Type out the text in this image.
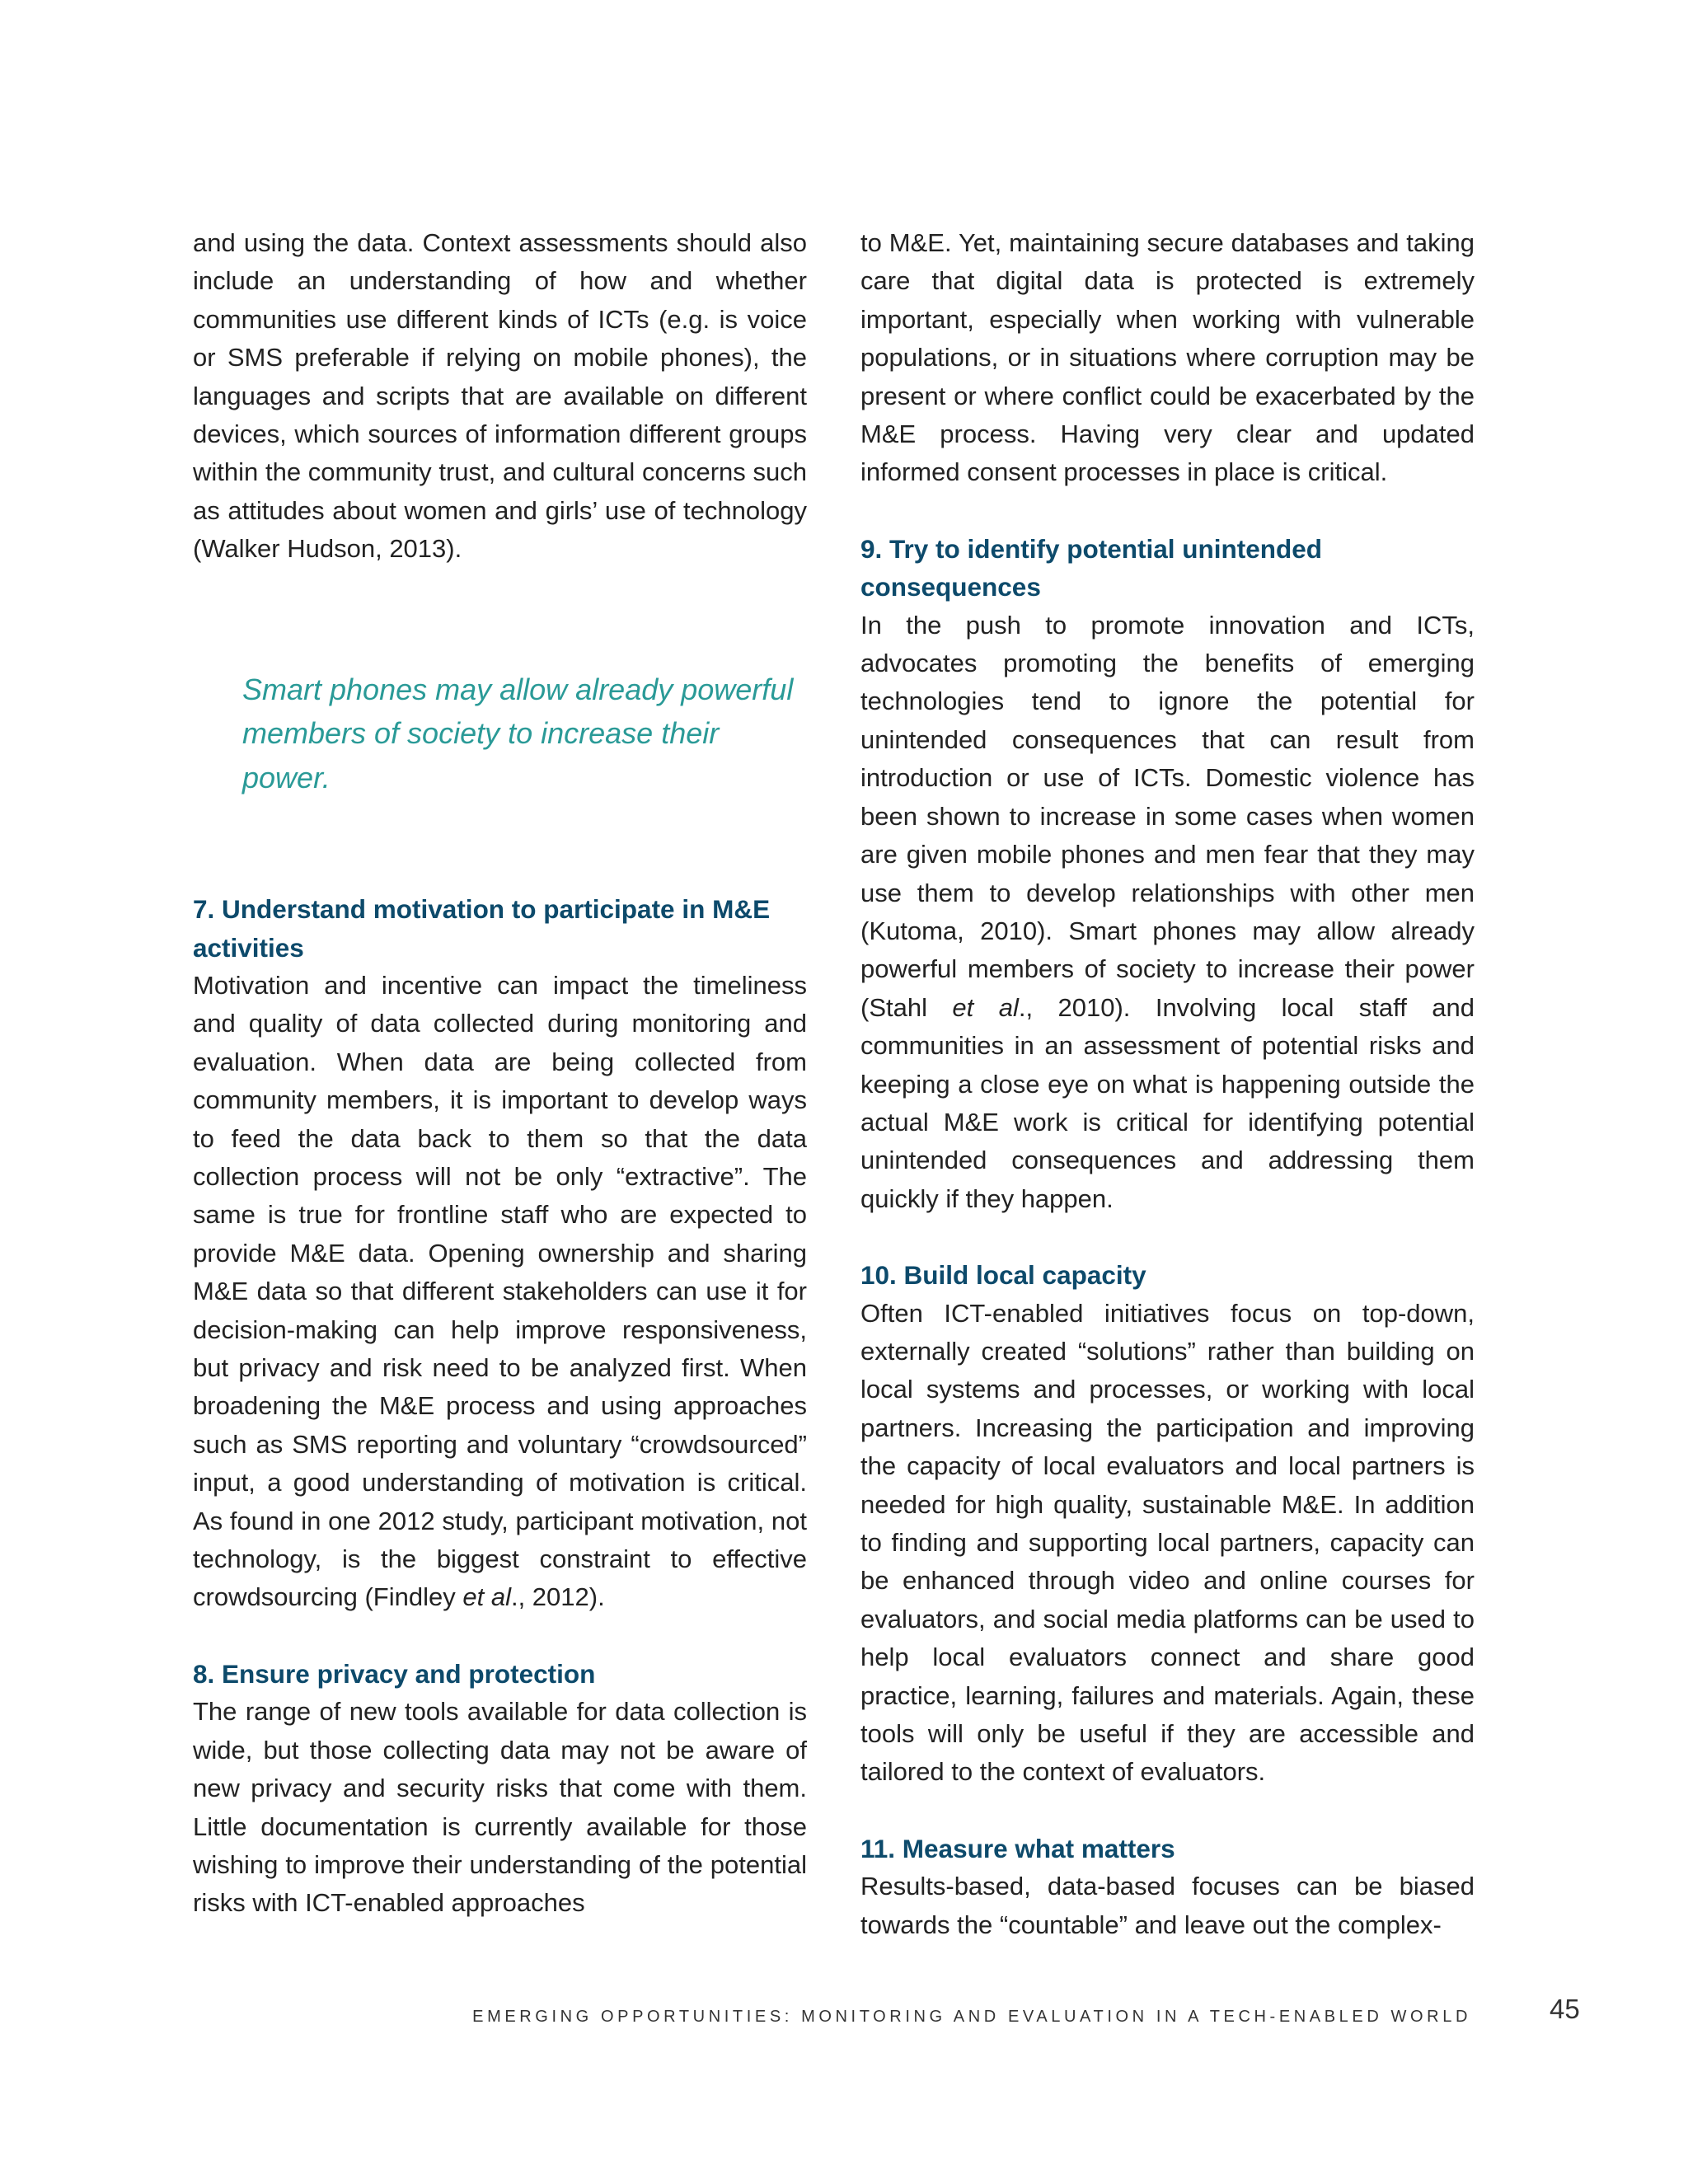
and using the data. Context assessments should also include an understanding of how and whether communities use different kinds of ICTs (e.g. is voice or SMS preferable if relying on mobile phones), the languages and scripts that are available on different devices, which sources of information different groups within the community trust, and cultural concerns such as attitudes about women and girls’ use of technology (Walker Hudson, 2013).

Smart phones may allow already powerful members of society to increase their power.
7. Understand motivation to participate in M&E activities

Motivation and incentive can impact the timeliness and quality of data collected during monitoring and evaluation. When data are being collected from community members, it is important to develop ways to feed the data back to them so that the data collection process will not be only “extractive”. The same is true for frontline staff who are expected to provide M&E data. Opening ownership and sharing M&E data so that different stakeholders can use it for decision-making can help improve responsiveness, but privacy and risk need to be analyzed first. When broadening the M&E process and using approaches such as SMS reporting and voluntary “crowdsourced” input, a good understanding of motivation is critical. As found in one 2012 study, participant motivation, not technology, is the biggest constraint to effective crowdsourcing (Findley et al., 2012).

8. Ensure privacy and protection

The range of new tools available for data collection is wide, but those collecting data may not be aware of new privacy and security risks that come with them. Little documentation is currently available for those wishing to improve their understanding of the potential risks with ICT-enabled approaches

to M&E. Yet, maintaining secure databases and taking care that digital data is protected is extremely important, especially when working with vulnerable populations, or in situations where corruption may be present or where conflict could be exacerbated by the M&E process. Having very clear and updated informed consent processes in place is critical.

9. Try to identify potential unintended consequences

In the push to promote innovation and ICTs, advocates promoting the benefits of emerging technologies tend to ignore the potential for unintended consequences that can result from introduction or use of ICTs. Domestic violence has been shown to increase in some cases when women are given mobile phones and men fear that they may use them to develop relationships with other men (Kutoma, 2010). Smart phones may allow already powerful members of society to increase their power (Stahl et al., 2010). Involving local staff and communities in an assessment of potential risks and keeping a close eye on what is happening outside the actual M&E work is critical for identifying potential unintended consequences and addressing them quickly if they happen.

10. Build local capacity

Often ICT-enabled initiatives focus on top-down, externally created “solutions” rather than building on local systems and processes, or working with local partners. Increasing the participation and improving the capacity of local evaluators and local partners is needed for high quality, sustainable M&E. In addition to finding and supporting local partners, capacity can be enhanced through video and online courses for evaluators, and social media platforms can be used to help local evaluators connect and share good practice, learning, failures and materials. Again, these tools will only be useful if they are accessible and tailored to the context of evaluators.

11. Measure what matters

Results-based, data-based focuses can be biased towards the “countable” and leave out the complex-

EMERGING OPPORTUNITIES: MONITORING AND EVALUATION IN A TECH-ENABLED WORLD	45
